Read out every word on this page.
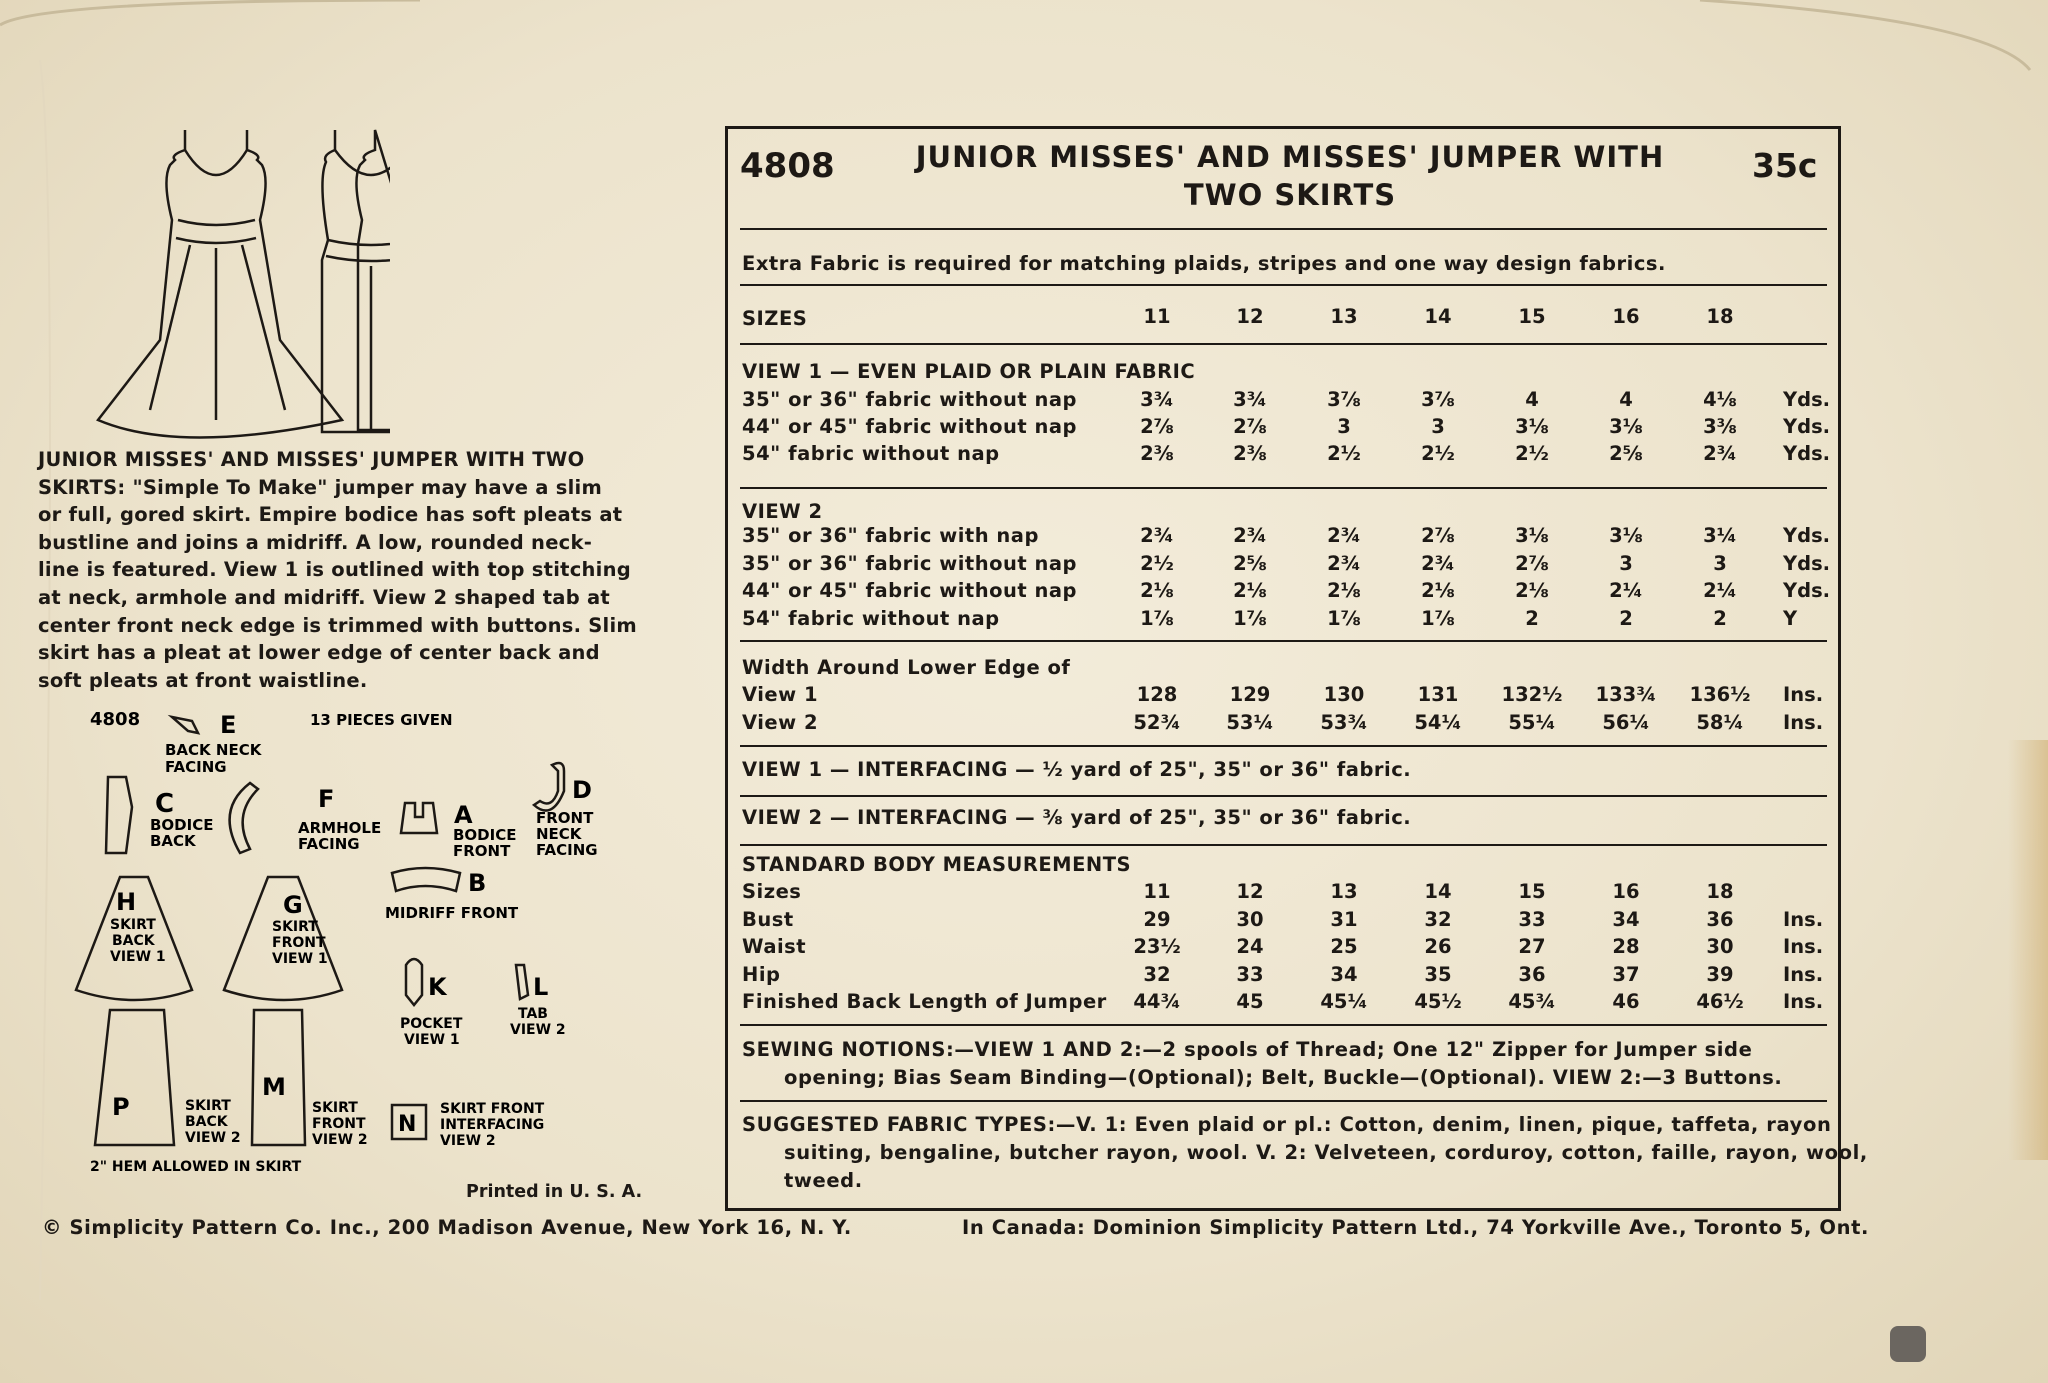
JUNIOR MISSES' AND MISSES' JUMPER WITH TWO
SKIRTS: "Simple To Make" jumper may have a slim
or full, gored skirt. Empire bodice has soft pleats at
bustline and joins a midriff. A low, rounded neck-
line is featured. View 1 is outlined with top stitching
at neck, armhole and midriff. View 2 shaped tab at
center front neck edge is trimmed with buttons. Slim
skirt has a pleat at lower edge of center back and
soft pleats at front waistline.
4808	13 PIECES GIVEN
E
BACK NECK
FACING
C
BODICE
BACK
F
ARMHOLE
FACING
A
BODICE
FRONT
D
FRONT
NECK
FACING
B
MIDRIFF FRONT
H
SKIRT
BACK
VIEW 1
G
SKIRT
FRONT
VIEW 1
K
POCKET
VIEW 1
L
TAB
VIEW 2
P	SKIRT
BACK
VIEW 2
M
SKIRT
FRONT
VIEW 2
N
SKIRT FRONT
INTERFACING
VIEW 2
2" HEM ALLOWED IN SKIRT
Printed in U. S. A.
4808	JUNIOR MISSES' AND MISSES' JUMPER WITH
TWO SKIRTS
35c
Extra Fabric is required for matching plaids, stripes and one way design fabrics.
SIZES	11	12	13	14	15	16	18
VIEW 1 — EVEN PLAID OR PLAIN FABRIC
35" or 36" fabric without nap	3¾	3¾	3⅞	3⅞	4	4	4⅛	Yds.
44" or 45" fabric without nap	2⅞	2⅞	3	3	3⅛	3⅛	3⅜	Yds.
54" fabric without nap	2⅜	2⅜	2½	2½	2½	2⅝	2¾	Yds.
VIEW 2
35" or 36" fabric with nap	2¾	2¾	2¾	2⅞	3⅛	3⅛	3¼	Yds.
35" or 36" fabric without nap	2½	2⅝	2¾	2¾	2⅞	3	3	Yds.
44" or 45" fabric without nap	2⅛	2⅛	2⅛	2⅛	2⅛	2¼	2¼	Yds.
54" fabric without nap	1⅞	1⅞	1⅞	1⅞	2	2	2	Y
Width Around Lower Edge of
View 1	128	129	130	131	132½	133¾	136½	Ins.
View 2	52¾	53¼	53¾	54¼	55¼	56¼	58¼	Ins.
VIEW 1 — INTERFACING — ½ yard of 25", 35" or 36" fabric.
VIEW 2 — INTERFACING — ⅜ yard of 25", 35" or 36" fabric.
STANDARD BODY MEASUREMENTS
Sizes	11	12	13	14	15	16	18
Bust	29	30	31	32	33	34	36	Ins.
Waist	23½	24	25	26	27	28	30	Ins.
Hip	32	33	34	35	36	37	39	Ins.
Finished Back Length of Jumper	44¾	45	45¼	45½	45¾	46	46½	Ins.
SEWING NOTIONS:—VIEW 1 AND 2:—2 spools of Thread; One 12" Zipper for Jumper side
opening; Bias Seam Binding—(Optional); Belt, Buckle—(Optional). VIEW 2:—3 Buttons.
SUGGESTED FABRIC TYPES:—V. 1: Even plaid or pl.: Cotton, denim, linen, pique, taffeta, rayon
suiting, bengaline, butcher rayon, wool. V. 2: Velveteen, corduroy, cotton, faille, rayon, wool,
tweed.
© Simplicity Pattern Co. Inc., 200 Madison Avenue, New York 16, N. Y.	In Canada: Dominion Simplicity Pattern Ltd., 74 Yorkville Ave., Toronto 5, Ont.
